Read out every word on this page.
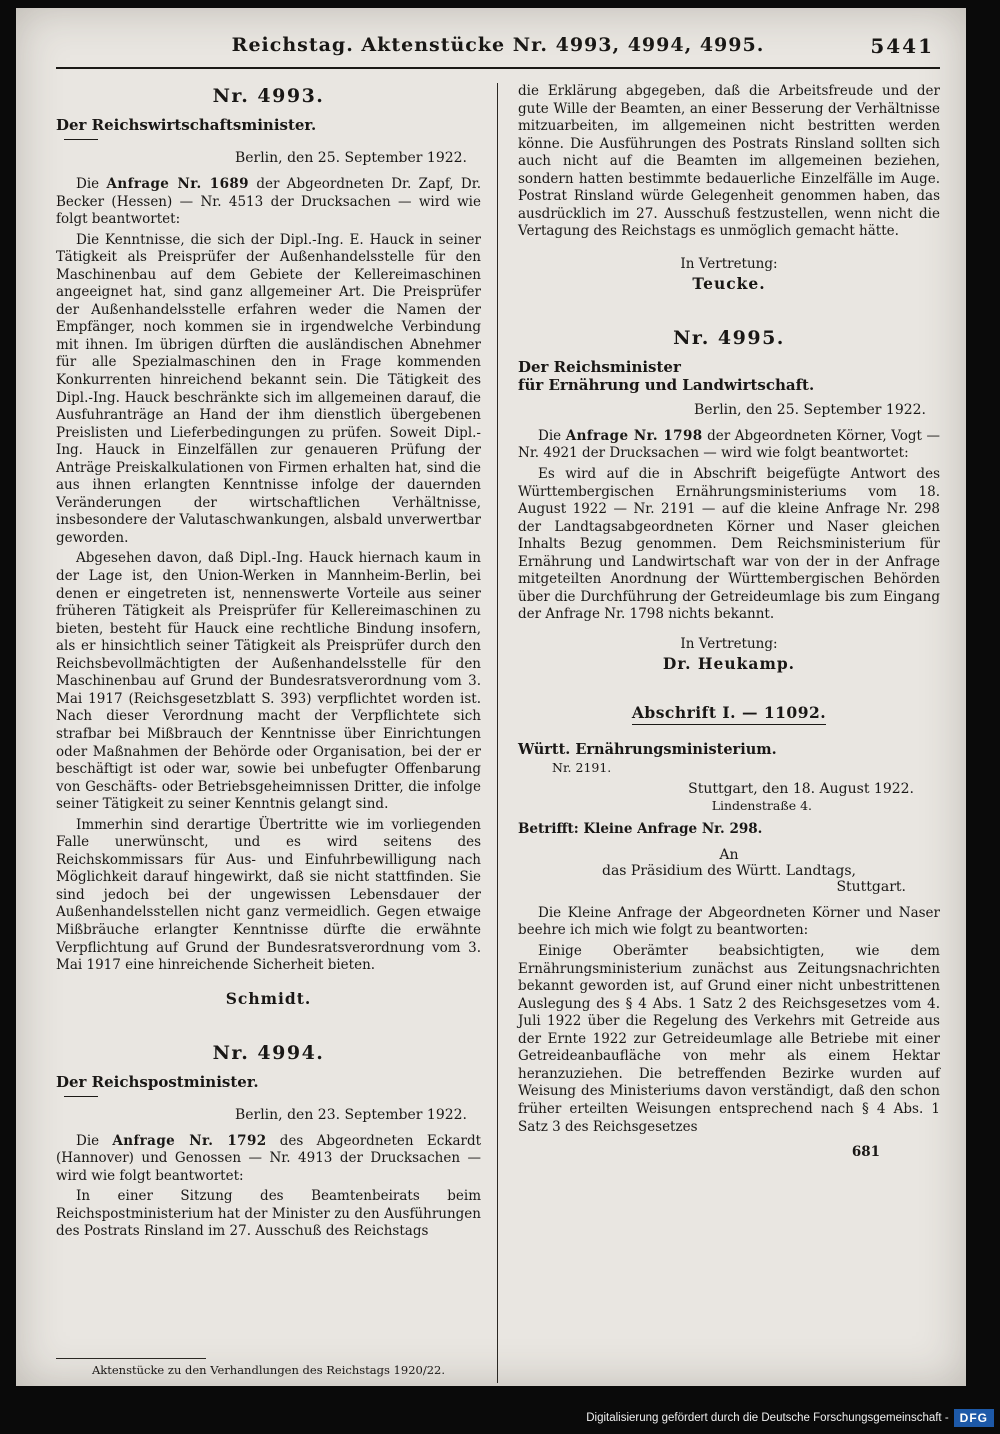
Reichstag. Aktenstücke Nr. 4993, 4994, 4995.	5441
Nr. 4993.
Der Reichswirtschaftsminister.
Berlin, den 25. September 1922.

Die Anfrage Nr. 1689 der Abgeordneten Dr. Zapf, Dr. Becker (Hessen) — Nr. 4513 der Drucksachen — wird wie folgt beantwortet:

Die Kenntnisse, die sich der Dipl.-Ing. E. Hauck in seiner Tätigkeit als Preisprüfer der Außenhandelsstelle für den Maschinenbau auf dem Gebiete der Kellereimaschinen angeeignet hat, sind ganz allgemeiner Art. Die Preisprüfer der Außenhandelsstelle erfahren weder die Namen der Empfänger, noch kommen sie in irgendwelche Verbindung mit ihnen. Im übrigen dürften die ausländischen Abnehmer für alle Spezialmaschinen den in Frage kommenden Konkurrenten hinreichend bekannt sein. Die Tätigkeit des Dipl.-Ing. Hauck beschränkte sich im allgemeinen darauf, die Ausfuhranträge an Hand der ihm dienstlich übergebenen Preislisten und Lieferbedingungen zu prüfen. Soweit Dipl.-Ing. Hauck in Einzelfällen zur genaueren Prüfung der Anträge Preiskalkulationen von Firmen erhalten hat, sind die aus ihnen erlangten Kenntnisse infolge der dauernden Veränderungen der wirtschaftlichen Verhältnisse, insbesondere der Valutaschwankungen, alsbald unverwertbar geworden.

Abgesehen davon, daß Dipl.-Ing. Hauck hiernach kaum in der Lage ist, den Union-Werken in Mannheim-Berlin, bei denen er eingetreten ist, nennenswerte Vorteile aus seiner früheren Tätigkeit als Preisprüfer für Kellereimaschinen zu bieten, besteht für Hauck eine rechtliche Bindung insofern, als er hinsichtlich seiner Tätigkeit als Preisprüfer durch den Reichsbevollmächtigten der Außenhandelsstelle für den Maschinenbau auf Grund der Bundesratsverordnung vom 3. Mai 1917 (Reichsgesetzblatt S. 393) verpflichtet worden ist. Nach dieser Verordnung macht der Verpflichtete sich strafbar bei Mißbrauch der Kenntnisse über Einrichtungen oder Maßnahmen der Behörde oder Organisation, bei der er beschäftigt ist oder war, sowie bei unbefugter Offenbarung von Geschäfts- oder Betriebsgeheimnissen Dritter, die infolge seiner Tätigkeit zu seiner Kenntnis gelangt sind.

Immerhin sind derartige Übertritte wie im vorliegenden Falle unerwünscht, und es wird seitens des Reichskommissars für Aus- und Einfuhrbewilligung nach Möglichkeit darauf hingewirkt, daß sie nicht stattfinden. Sie sind jedoch bei der ungewissen Lebensdauer der Außenhandelsstellen nicht ganz vermeidlich. Gegen etwaige Mißbräuche erlangter Kenntnisse dürfte die erwähnte Verpflichtung auf Grund der Bundesratsverordnung vom 3. Mai 1917 eine hinreichende Sicherheit bieten.

Schmidt.
Nr. 4994.
Der Reichspostminister.
Berlin, den 23. September 1922.

Die Anfrage Nr. 1792 des Abgeordneten Eckardt (Hannover) und Genossen — Nr. 4913 der Drucksachen — wird wie folgt beantwortet:

In einer Sitzung des Beamtenbeirats beim Reichspostministerium hat der Minister zu den Ausführungen des Postrats Rinsland im 27. Ausschuß des Reichstags

Aktenstücke zu den Verhandlungen des Reichstags 1920/22.

die Erklärung abgegeben, daß die Arbeitsfreude und der gute Wille der Beamten, an einer Besserung der Verhältnisse mitzuarbeiten, im allgemeinen nicht bestritten werden könne. Die Ausführungen des Postrats Rinsland sollten sich auch nicht auf die Beamten im allgemeinen beziehen, sondern hatten bestimmte bedauerliche Einzelfälle im Auge. Postrat Rinsland würde Gelegenheit genommen haben, das ausdrücklich im 27. Ausschuß festzustellen, wenn nicht die Vertagung des Reichstags es unmöglich gemacht hätte.

In Vertretung:
Teucke.
Nr. 4995.
Der Reichsminister
für Ernährung und Landwirtschaft.
Berlin, den 25. September 1922.

Die Anfrage Nr. 1798 der Abgeordneten Körner, Vogt — Nr. 4921 der Drucksachen — wird wie folgt beantwortet:

Es wird auf die in Abschrift beigefügte Antwort des Württembergischen Ernährungsministeriums vom 18. August 1922 — Nr. 2191 — auf die kleine Anfrage Nr. 298 der Landtagsabgeordneten Körner und Naser gleichen Inhalts Bezug genommen. Dem Reichsministerium für Ernährung und Landwirtschaft war von der in der Anfrage mitgeteilten Anordnung der Württembergischen Behörden über die Durchführung der Getreideumlage bis zum Eingang der Anfrage Nr. 1798 nichts bekannt.

In Vertretung:
Dr. Heukamp.
Abschrift I. — 11092.
Württ. Ernährungsministerium.
Nr. 2191.
Stuttgart, den 18. August 1922.
Lindenstraße 4.
Betrifft: Kleine Anfrage Nr. 298.
An
das Präsidium des Württ. Landtags,
Stuttgart.

Die Kleine Anfrage der Abgeordneten Körner und Naser beehre ich mich wie folgt zu beantworten:

Einige Oberämter beabsichtigten, wie dem Ernährungsministerium zunächst aus Zeitungsnachrichten bekannt geworden ist, auf Grund einer nicht unbestrittenen Auslegung des § 4 Abs. 1 Satz 2 des Reichsgesetzes vom 4. Juli 1922 über die Regelung des Verkehrs mit Getreide aus der Ernte 1922 zur Getreideumlage alle Betriebe mit einer Getreideanbaufläche von mehr als einem Hektar heranzuziehen. Die betreffenden Bezirke wurden auf Weisung des Ministeriums davon verständigt, daß den schon früher erteilten Weisungen entsprechend nach § 4 Abs. 1 Satz 3 des Reichsgesetzes

681
Digitalisierung gefördert durch die Deutsche Forschungsgemeinschaft - DFG
